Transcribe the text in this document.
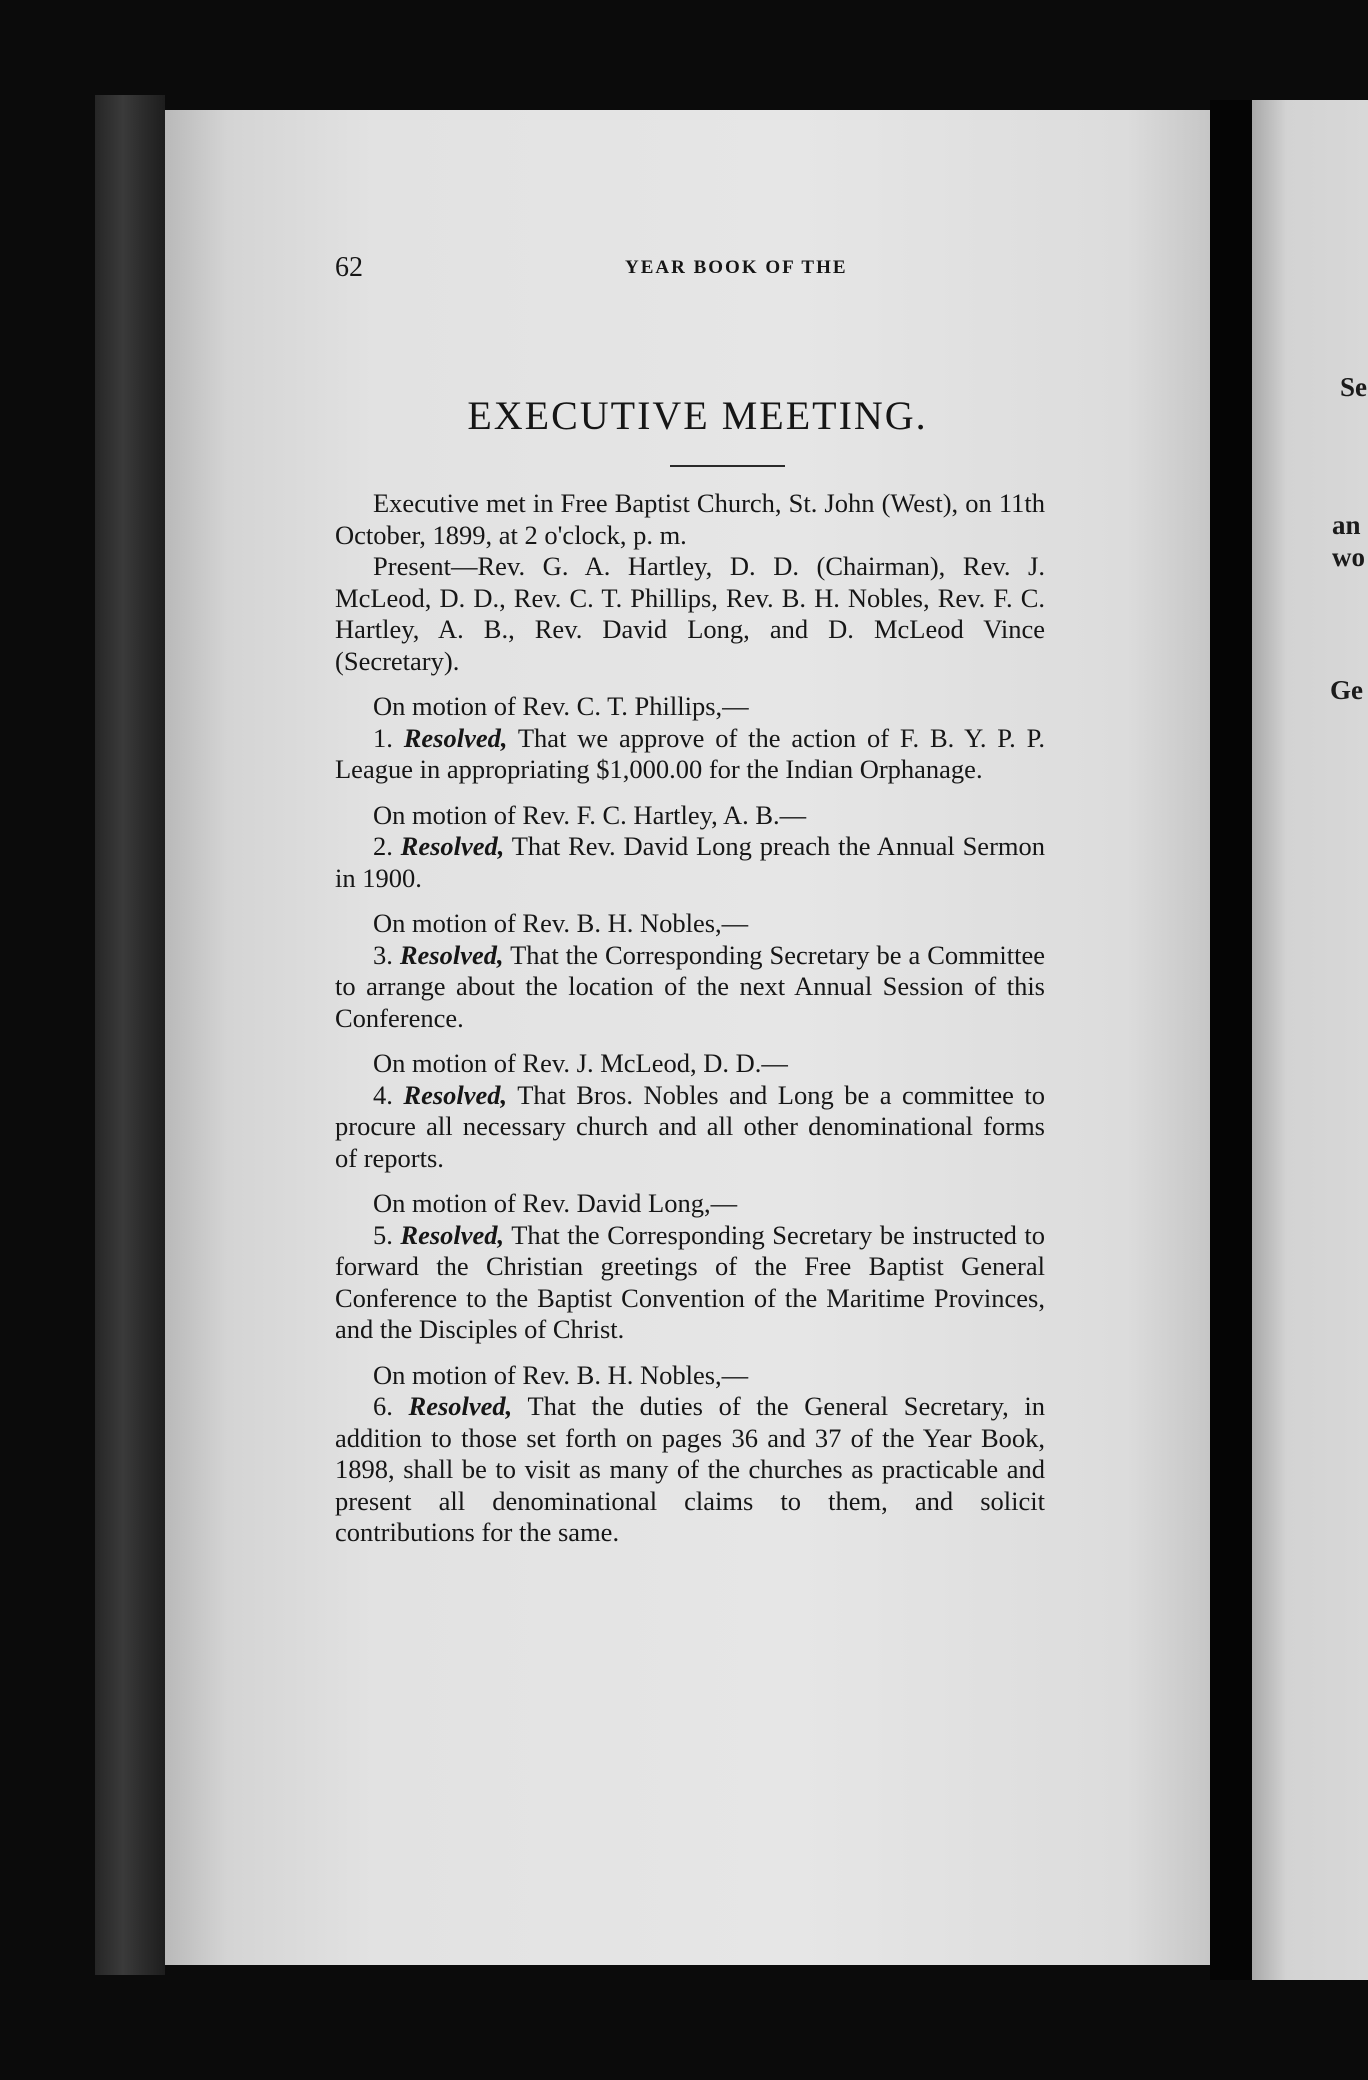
62	YEAR BOOK OF THE
EXECUTIVE MEETING.

Executive met in Free Baptist Church, St. John (West), on 11th October, 1899, at 2 o'clock, p. m.

Present—Rev. G. A. Hartley, D. D. (Chairman), Rev. J. McLeod, D. D., Rev. C. T. Phillips, Rev. B. H. Nobles, Rev. F. C. Hartley, A. B., Rev. David Long, and D. McLeod Vince (Secretary).

On motion of Rev. C. T. Phillips,—

1. Resolved, That we approve of the action of F. B. Y. P. P. League in appropriating $1,000.00 for the Indian Orphanage.

On motion of Rev. F. C. Hartley, A. B.—

2. Resolved, That Rev. David Long preach the Annual Sermon in 1900.

On motion of Rev. B. H. Nobles,—

3. Resolved, That the Corresponding Secretary be a Committee to arrange about the location of the next Annual Session of this Conference.

On motion of Rev. J. McLeod, D. D.—

4. Resolved, That Bros. Nobles and Long be a committee to procure all necessary church and all other denominational forms of reports.

On motion of Rev. David Long,—

5. Resolved, That the Corresponding Secretary be instructed to forward the Christian greetings of the Free Baptist General Conference to the Baptist Convention of the Maritime Provinces, and the Disciples of Christ.

On motion of Rev. B. H. Nobles,—

6. Resolved, That the duties of the General Secretary, in addition to those set forth on pages 36 and 37 of the Year Book, 1898, shall be to visit as many of the churches as practicable and present all denominational claims to them, and solicit contributions for the same.

Se
an
wo
Ge
